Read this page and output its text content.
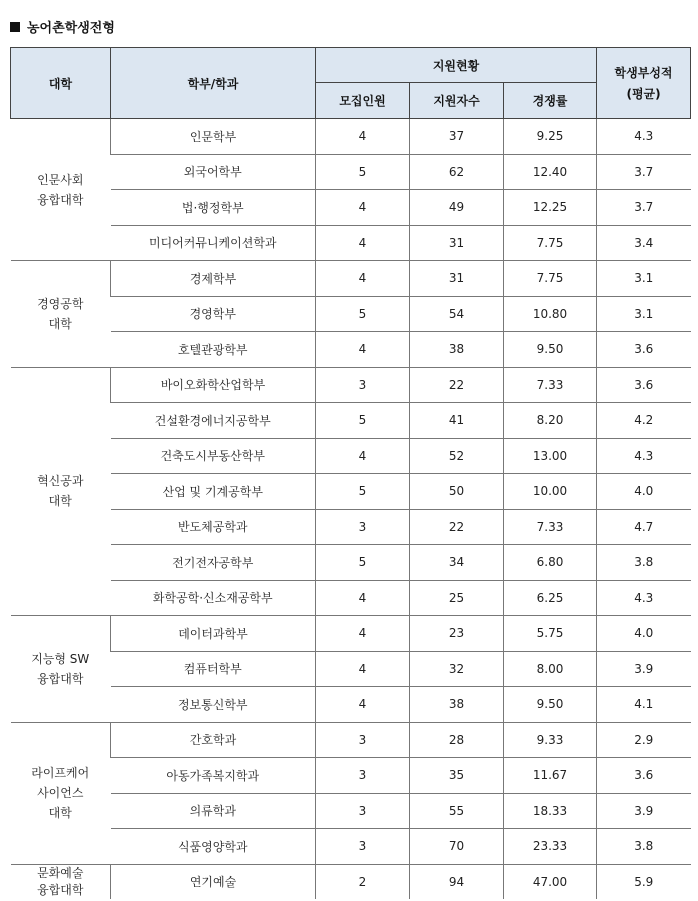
농어촌학생전형
대학	학부/학과	지원현황			학생부성적
(평균)

		모집인원	지원자수	경쟁률	

인문사회
융합대학	인문학부	4	37	9.25	4.3
	외국어학부	5	62	12.40	3.7
	법·행정학부	4	49	12.25	3.7
	미디어커뮤니케이션학과	4	31	7.75	3.4

경영공학
대학	경제학부	4	31	7.75	3.1
	경영학부	5	54	10.80	3.1
	호텔관광학부	4	38	9.50	3.6

혁신공과
대학	바이오화학산업학부	3	22	7.33	3.6
	건설환경에너지공학부	5	41	8.20	4.2
	건축도시부동산학부	4	52	13.00	4.3
	산업 및 기계공학부	5	50	10.00	4.0
	반도체공학과	3	22	7.33	4.7
	전기전자공학부	5	34	6.80	3.8
	화학공학·신소재공학부	4	25	6.25	4.3

지능형 SW
융합대학	데이터과학부	4	23	5.75	4.0
	컴퓨터학부	4	32	8.00	3.9
	정보통신학부	4	38	9.50	4.1

라이프케어
사이언스
대학	간호학과	3	28	9.33	2.9
	아동가족복지학과	3	35	11.67	3.6
	의류학과	3	55	18.33	3.9
	식품영양학과	3	70	23.33	3.8

문화예술
융합대학	연기예술	2	94	47.00	5.9
